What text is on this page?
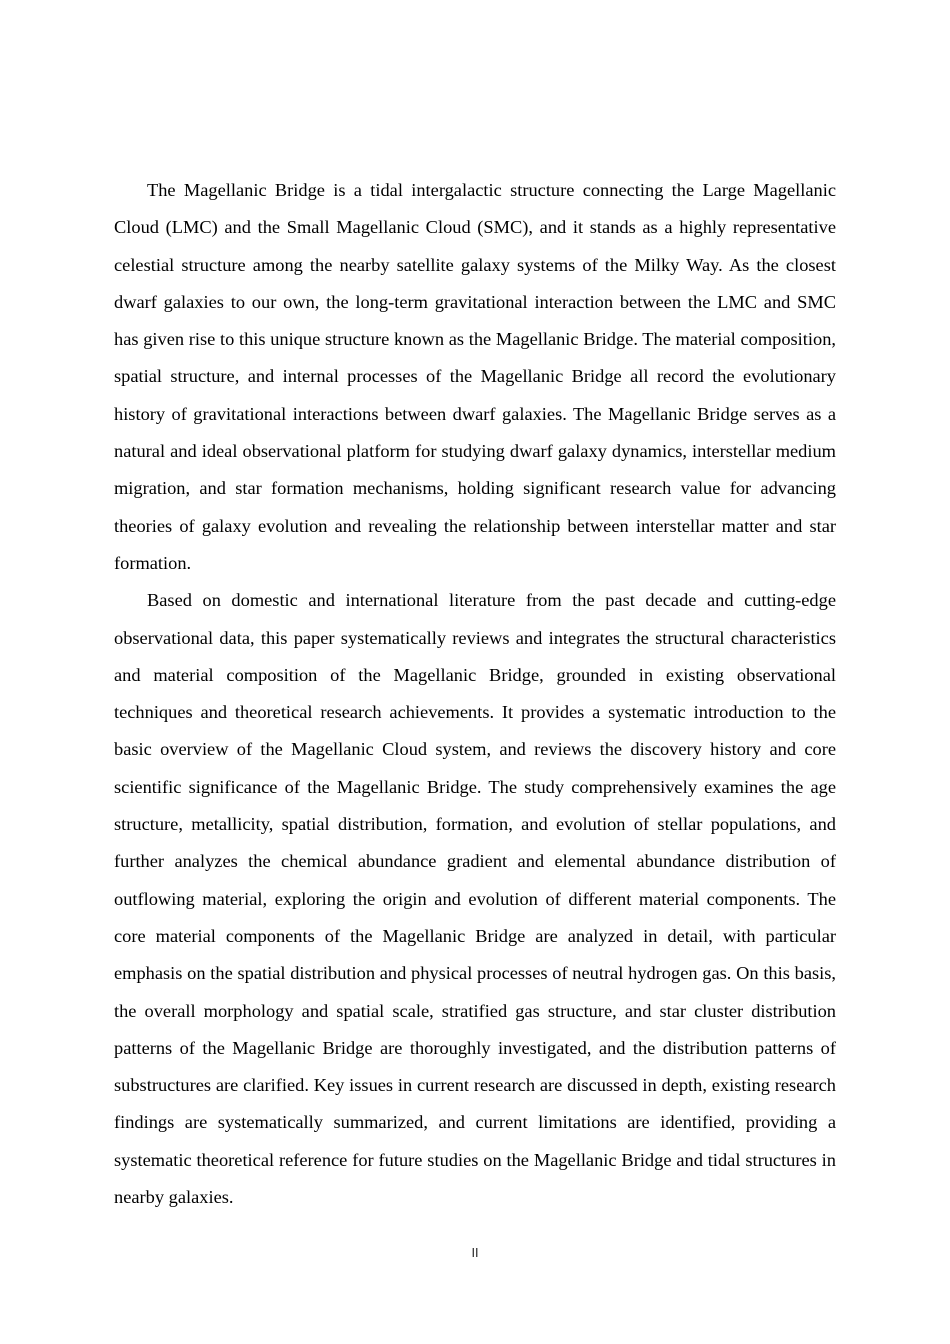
The Magellanic Bridge is a tidal intergalactic structure connecting the Large Magellanic Cloud (LMC) and the Small Magellanic Cloud (SMC), and it stands as a highly representative celestial structure among the nearby satellite galaxy systems of the Milky Way. As the closest dwarf galaxies to our own, the long-term gravitational interaction between the LMC and SMC has given rise to this unique structure known as the Magellanic Bridge. The material composition, spatial structure, and internal processes of the Magellanic Bridge all record the evolutionary history of gravitational interactions between dwarf galaxies. The Magellanic Bridge serves as a natural and ideal observational platform for studying dwarf galaxy dynamics, interstellar medium migration, and star formation mechanisms, holding significant research value for advancing theories of galaxy evolution and revealing the relationship between interstellar matter and star formation.

Based on domestic and international literature from the past decade and cutting-edge observational data, this paper systematically reviews and integrates the structural characteristics and material composition of the Magellanic Bridge, grounded in existing observational techniques and theoretical research achievements. It provides a systematic introduction to the basic overview of the Magellanic Cloud system, and reviews the discovery history and core scientific significance of the Magellanic Bridge. The study comprehensively examines the age structure, metallicity, spatial distribution, formation, and evolution of stellar populations, and further analyzes the chemical abundance gradient and elemental abundance distribution of outflowing material, exploring the origin and evolution of different material components. The core material components of the Magellanic Bridge are analyzed in detail, with particular emphasis on the spatial distribution and physical processes of neutral hydrogen gas. On this basis, the overall morphology and spatial scale, stratified gas structure, and star cluster distribution patterns of the Magellanic Bridge are thoroughly investigated, and the distribution patterns of substructures are clarified. Key issues in current research are discussed in depth, existing research findings are systematically summarized, and current limitations are identified, providing a systematic theoretical reference for future studies on the Magellanic Bridge and tidal structures in nearby galaxies.

II
